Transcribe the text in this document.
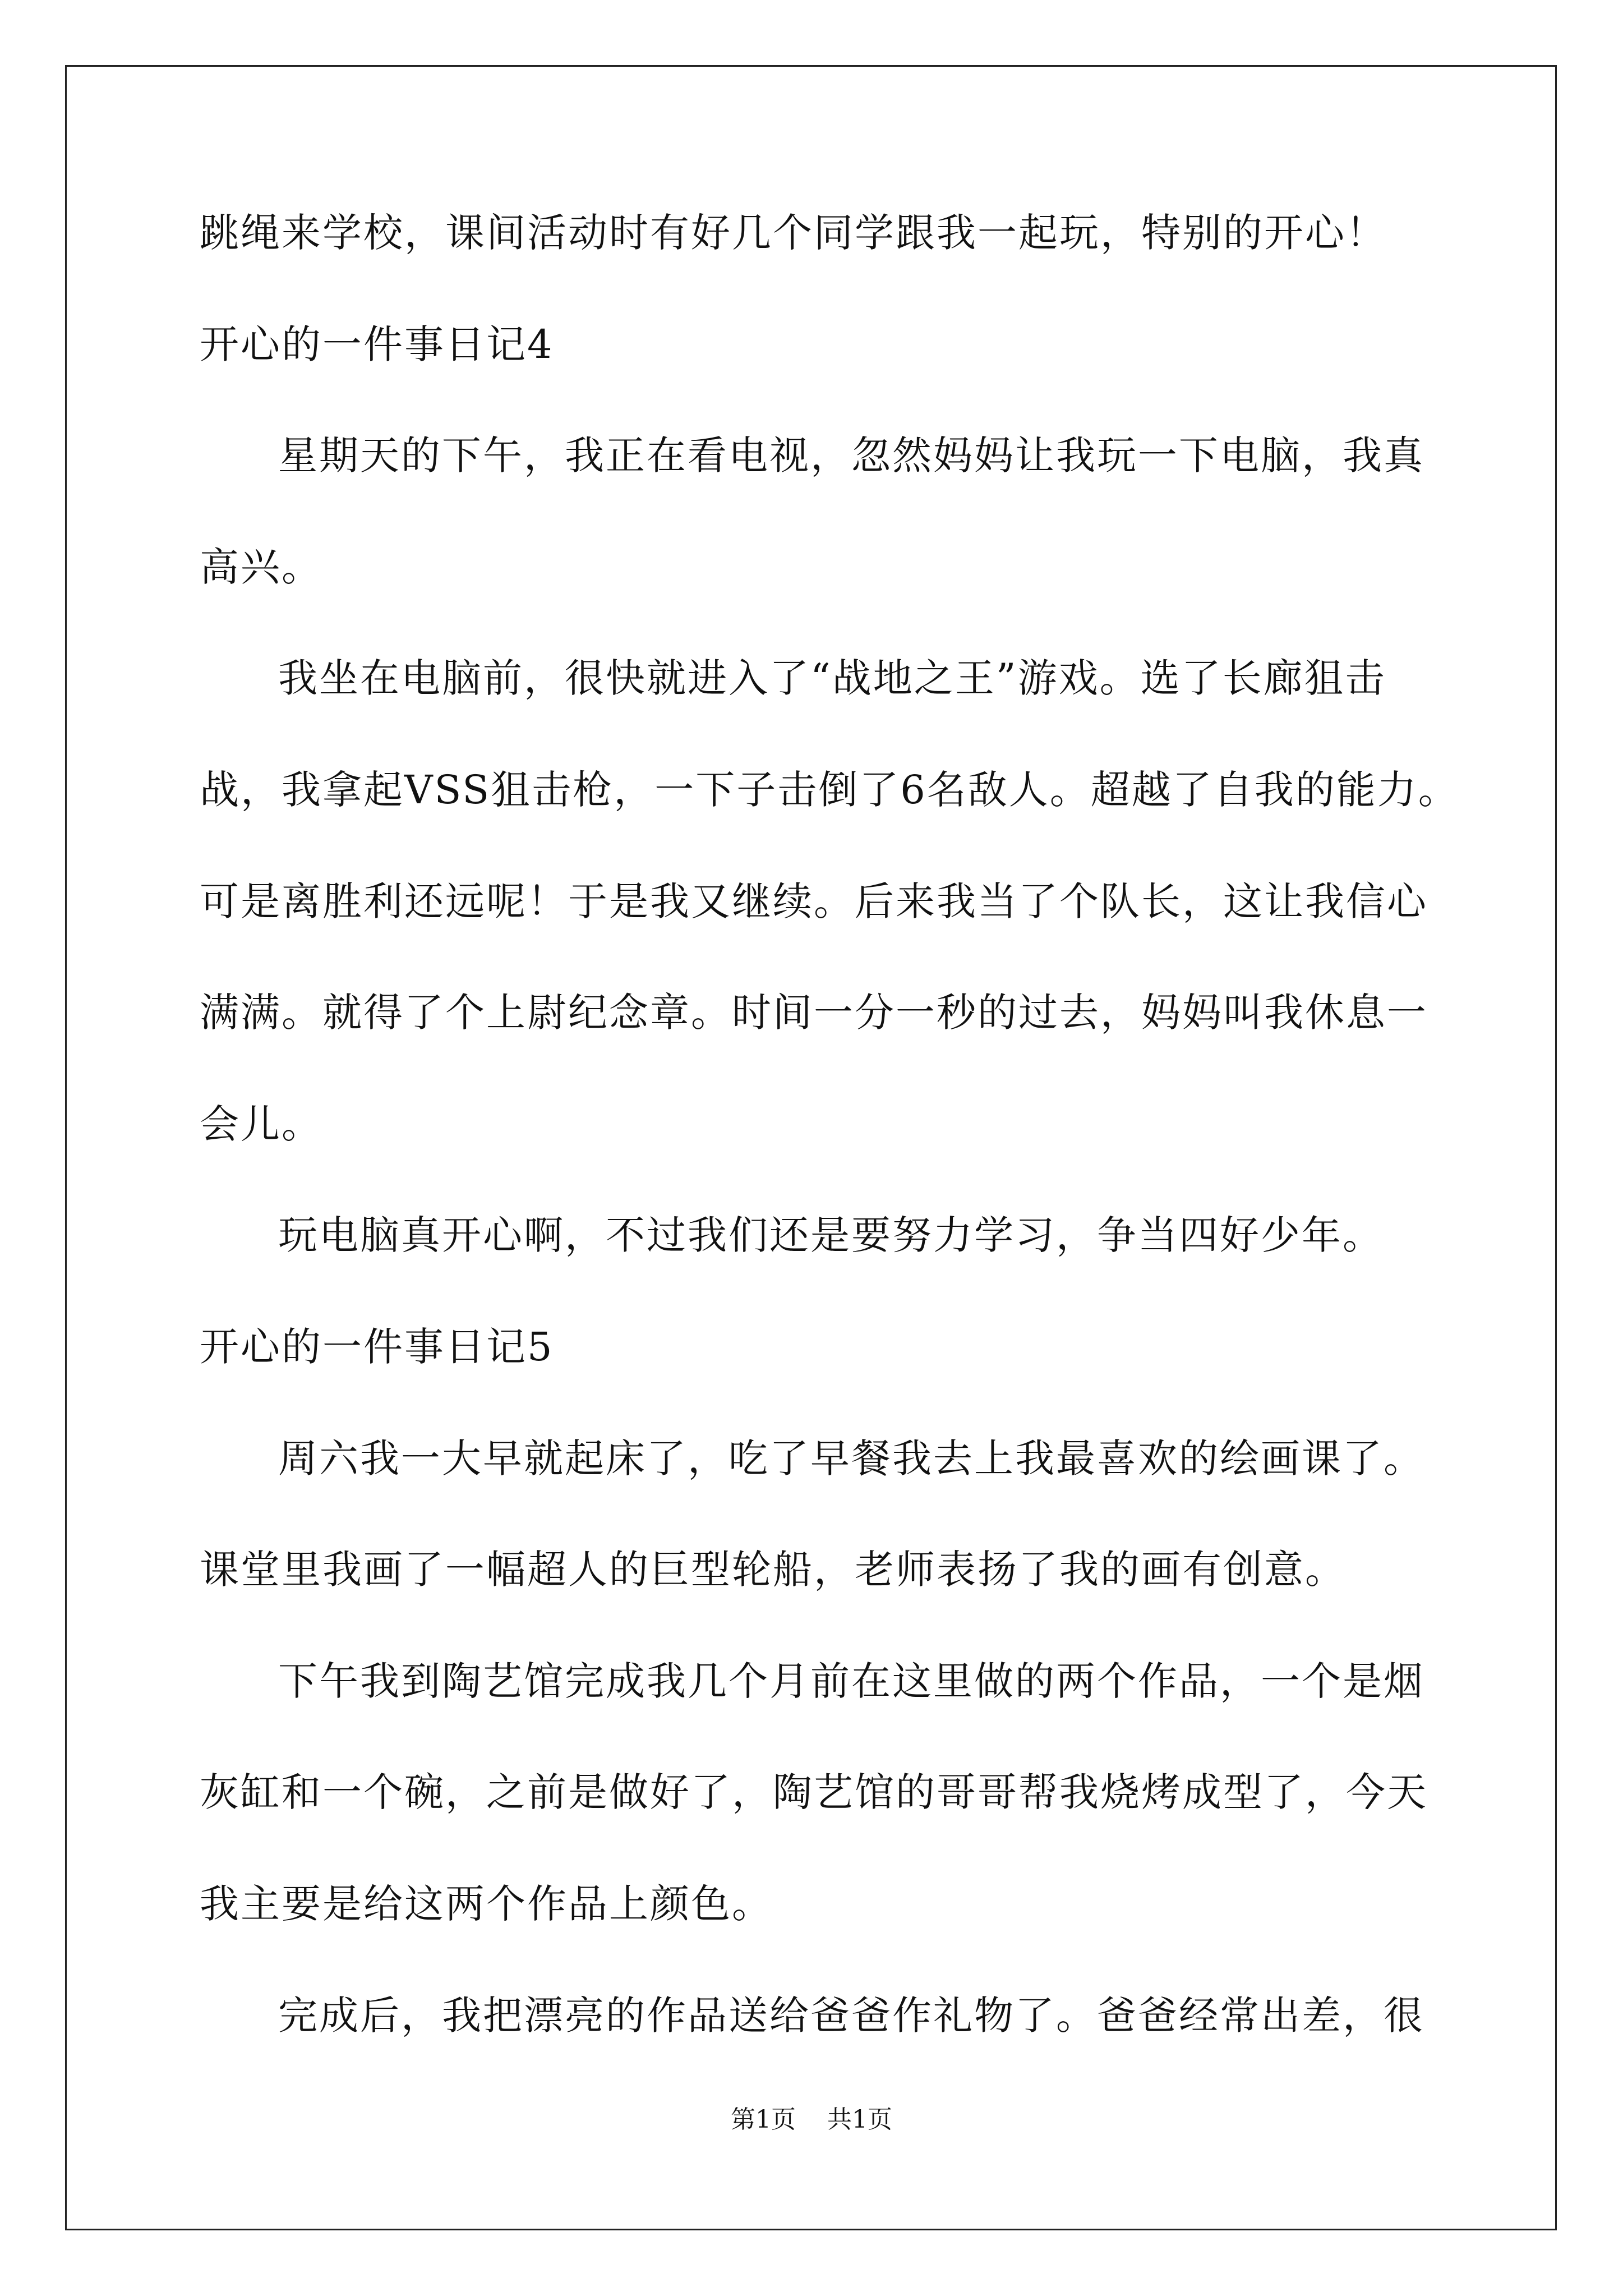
跳绳来学校，课间活动时有好几个同学跟我一起玩，特别的开心！
开心的一件事日记4
星期天的下午，我正在看电视，忽然妈妈让我玩一下电脑，我真
高兴。
我坐在电脑前，很快就进入了“战地之王”游戏。选了长廊狙击
战，我拿起VSS狙击枪，一下子击倒了6名敌人。超越了自我的能力。
可是离胜利还远呢！于是我又继续。后来我当了个队长，这让我信心
满满。就得了个上尉纪念章。时间一分一秒的过去，妈妈叫我休息一
会儿。
玩电脑真开心啊，不过我们还是要努力学习，争当四好少年。
开心的一件事日记5
周六我一大早就起床了，吃了早餐我去上我最喜欢的绘画课了。
课堂里我画了一幅超人的巨型轮船，老师表扬了我的画有创意。
下午我到陶艺馆完成我几个月前在这里做的两个作品，一个是烟
灰缸和一个碗，之前是做好了，陶艺馆的哥哥帮我烧烤成型了，今天
我主要是给这两个作品上颜色。
完成后，我把漂亮的作品送给爸爸作礼物了。爸爸经常出差，很
第1页    共1页
